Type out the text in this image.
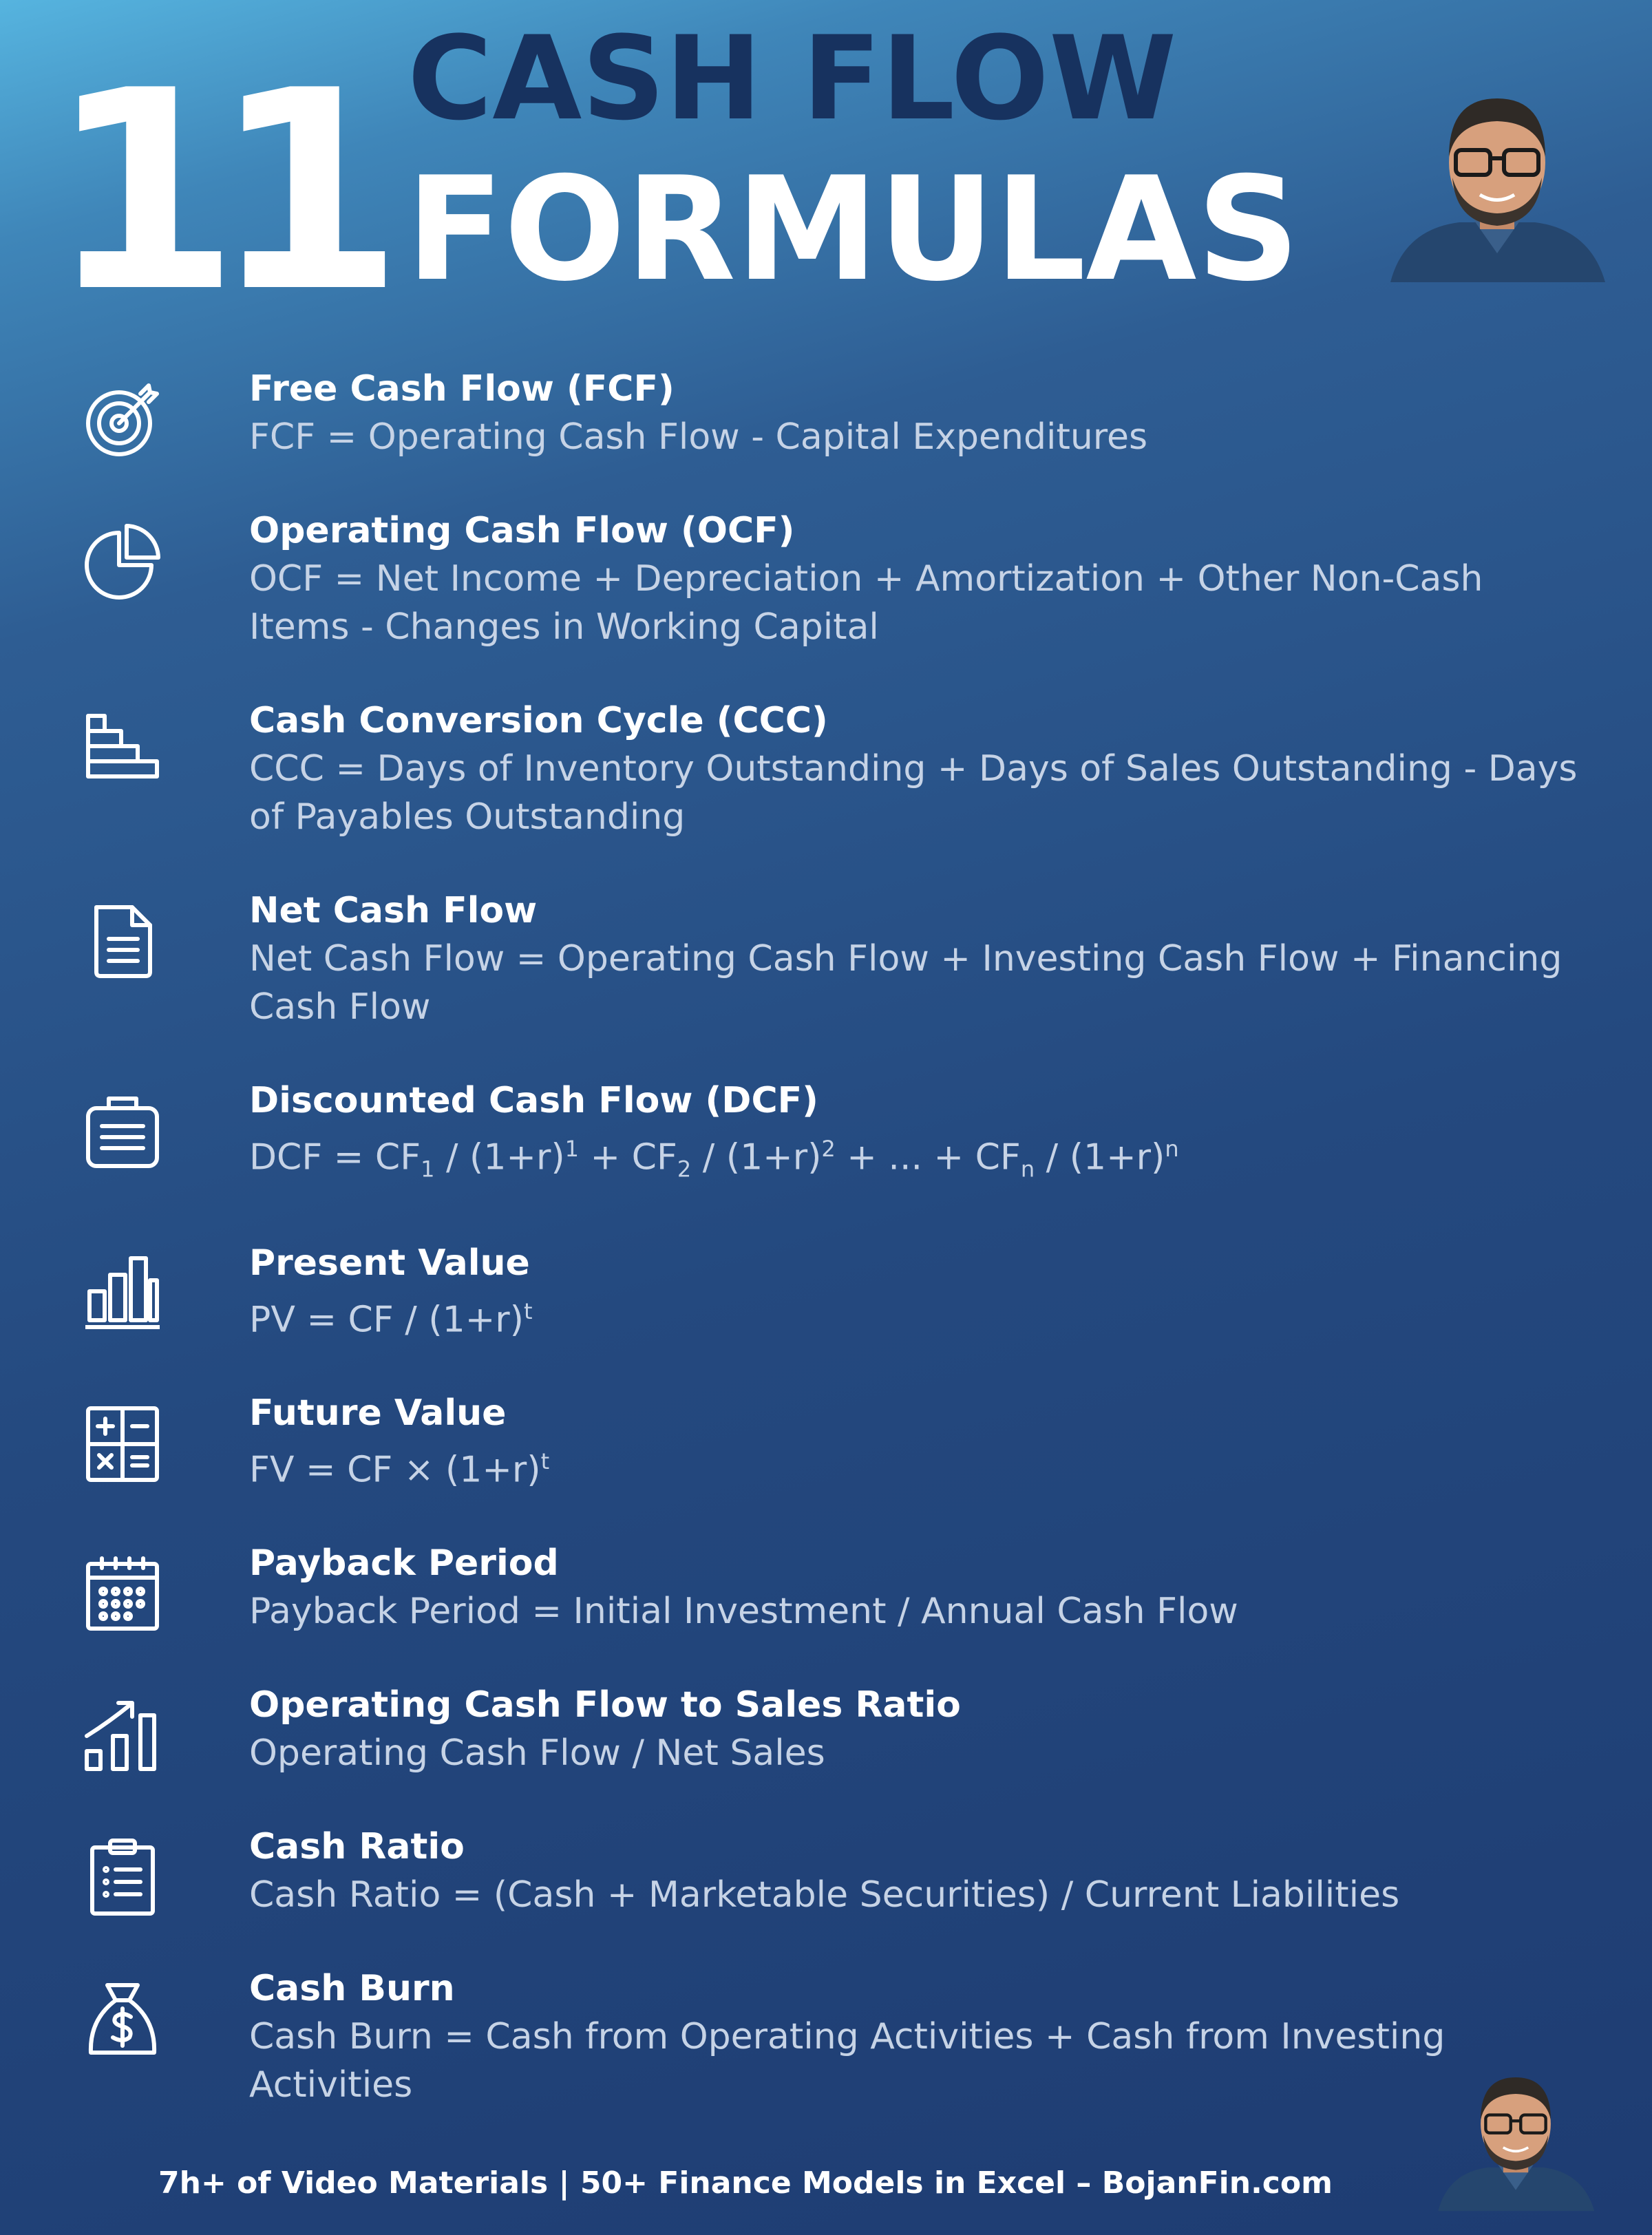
11 CASH FLOW
FORMULAS
Free Cash Flow (FCF)
FCF = Operating Cash Flow - Capital Expenditures
Operating Cash Flow (OCF)
OCF = Net Income + Depreciation + Amortization + Other Non-Cash Items - Changes in Working Capital
Cash Conversion Cycle (CCC)
CCC = Days of Inventory Outstanding + Days of Sales Outstanding - Days of Payables Outstanding
Net Cash Flow
Net Cash Flow = Operating Cash Flow + Investing Cash Flow + Financing Cash Flow
Discounted Cash Flow (DCF)
DCF = $CF_1 / (1+r)^1 + CF_2 / (1+r)^2$ + ... + $CF_n / (1+r)^n$
Present Value
PV = CF / $(1+r)^t$
Future Value
FV = CF × $(1+r)^t$
Payback Period
Payback Period = Initial Investment / Annual Cash Flow
Operating Cash Flow to Sales Ratio
Operating Cash Flow / Net Sales
Cash Ratio
Cash Ratio = (Cash + Marketable Securities) / Current Liabilities
Cash Burn
Cash Burn = Cash from Operating Activities + Cash from Investing Activities
7h+ of Video Materials | 50+ Finance Models in Excel – BojanFin.com
